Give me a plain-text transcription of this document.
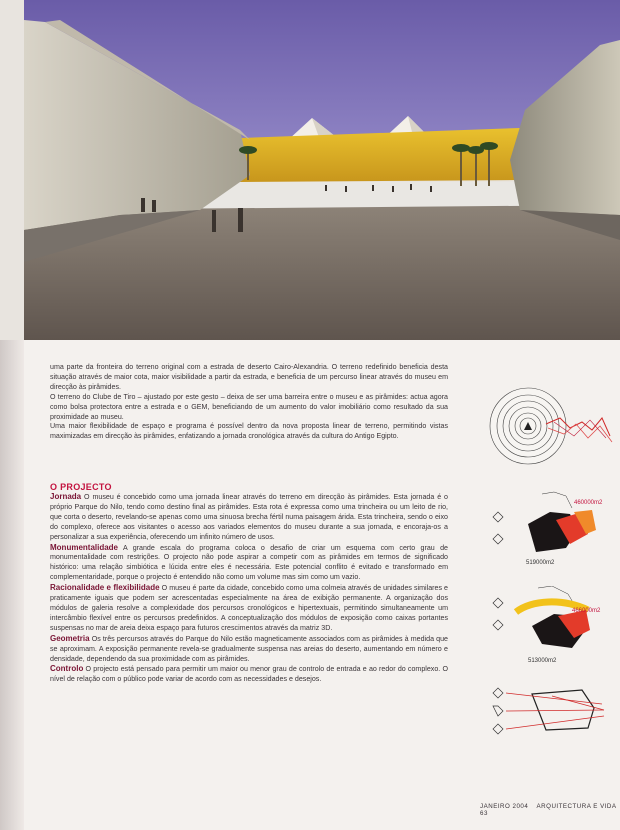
uma parte da fronteira do terreno original com a estrada de deserto Cairo-Alexandria. O terreno redefinido beneficia desta situação através de maior cota, maior visibilidade a partir da estrada, e beneficia de um percurso linear através do museu em direcção às pirâmides.

O terreno do Clube de Tiro – ajustado por este gesto – deixa de ser uma barreira entre o museu e as pirâmides: actua agora como bolsa protectora entre a estrada e o GEM, beneficiando de um aumento do valor imobiliário como resultado da sua proximidade ao museu.

Uma maior flexibilidade de espaço e programa é possível dentro da nova proposta linear de terreno, permitindo vistas maximizadas em direcção às pirâmides, enfatizando a jornada cronológica através da cultura do Antigo Egipto.

O PROJECTO

Jornada O museu é concebido como uma jornada linear através do terreno em direcção às pirâmides. Esta jornada é o próprio Parque do Nilo, tendo como destino final as pirâmides. Esta rota é expressa como uma trincheira ou um leito de rio, que corta o deserto, revelando-se apenas como uma sinuosa brecha fértil numa paisagem árida. Esta trincheira, sendo o eixo do complexo, oferece aos visitantes o acesso aos variados elementos do museu durante a sua jornada, e encoraja-os a personalizar a sua experiência, oferecendo um infinito número de usos.

Monumentalidade A grande escala do programa coloca o desafio de criar um esquema com certo grau de monumentalidade com restrições. O projecto não pode aspirar a competir com as pirâmides em termos de significado histórico: uma relação simbiótica e lúcida entre eles é necessária. Este potencial conflito é evitado e transformado em complementaridade, porque o projecto é entendido não como um volume mas sim como um vazio.

Racionalidade e flexibilidade O museu é parte da cidade, concebido como uma colmeia através de unidades similares e praticamente iguais que podem ser acrescentadas especialmente na área de exibição permanente. A organização dos módulos de galeria resolve a complexidade dos percursos cronológicos e hipertextuais, permitindo simultaneamente um intercâmbio flexível entre os percursos predefinidos. A conceptualização dos módulos de exposição como caixas portantes suspensas no mar de areia deixa espaço para futuros crescimentos através da matriz 3D.

Geometria Os três percursos através do Parque do Nilo estão magneticamente associados com as pirâmides à medida que se aproximam. A exposição permanente revela-se gradualmente suspensa nas areias do deserto, aumentando em número e densidade, dependendo da sua proximidade com as pirâmides.

Controlo O projecto está pensado para permitir um maior ou menor grau de controlo de entrada e ao redor do complexo. O nível de relação com o público pode variar de acordo com as necessidades e desejos.

460000m2
519000m2
466000m2
513000m2
JANEIRO 2004 ARQUITECTURA E VIDA 63
